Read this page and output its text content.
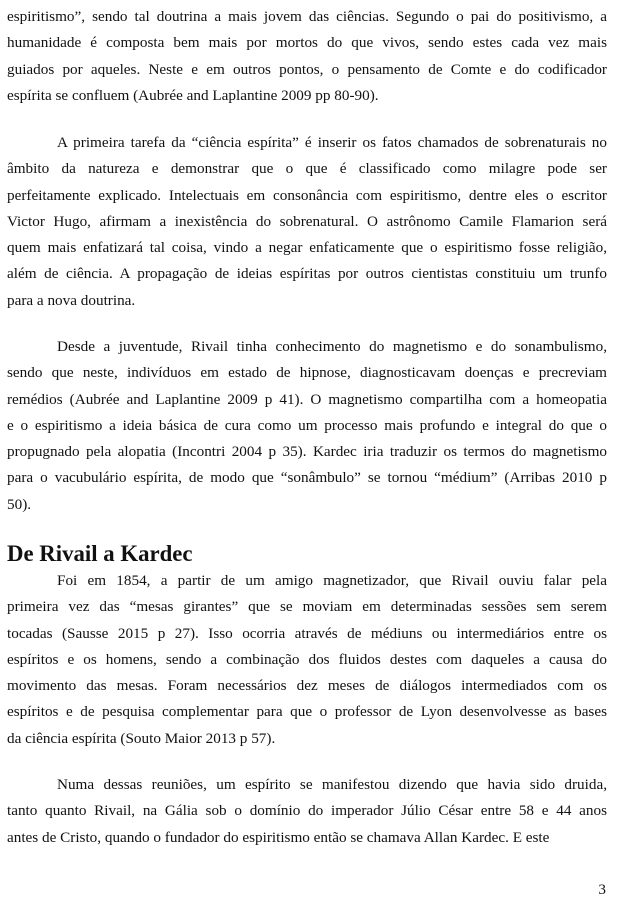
espiritismo”, sendo tal doutrina a mais jovem das ciências. Segundo o pai do positivismo, a
humanidade é composta bem mais por mortos do que vivos, sendo estes cada vez mais
guiados por aqueles. Neste e em outros pontos, o pensamento de Comte e do codificador
espírita se confluem (Aubrée and Laplantine 2009 pp 80-90).
A primeira tarefa da “ciência espírita” é inserir os fatos chamados de sobrenaturais no
âmbito da natureza e demonstrar que o que é classificado como milagre pode ser
perfeitamente explicado. Intelectuais em consonância com espiritismo, dentre eles o escritor
Victor Hugo, afirmam a inexistência do sobrenatural. O astrônomo Camile Flamarion será
quem mais enfatizará tal coisa, vindo a negar enfaticamente que o espiritismo fosse religião,
além de ciência. A propagação de ideias espíritas por outros cientistas constituiu um trunfo
para a nova doutrina.
Desde a juventude, Rivail tinha conhecimento do magnetismo e do sonambulismo,
sendo que neste, indivíduos em estado de hipnose, diagnosticavam doenças e precreviam
remédios (Aubrée and Laplantine 2009 p 41). O magnetismo compartilha com a homeopatia
e o espiritismo a ideia básica de cura como um processo mais profundo e integral do que o
propugnado pela alopatia (Incontri 2004 p 35). Kardec iria traduzir os termos do magnetismo
para o vacubulário espírita, de modo que “sonâmbulo” se tornou “médium” (Arribas 2010 p
50).
De Rivail a Kardec
Foi em 1854, a partir de um amigo magnetizador, que Rivail ouviu falar pela
primeira vez das “mesas girantes” que se moviam em determinadas sessões sem serem
tocadas (Sausse 2015 p 27). Isso ocorria através de médiuns ou intermediários entre os
espíritos e os homens, sendo a combinação dos fluidos destes com daqueles a causa do
movimento das mesas. Foram necessários dez meses de diálogos intermediados com os
espíritos e de pesquisa complementar para que o professor de Lyon desenvolvesse as bases
da ciência espírita (Souto Maior 2013 p 57).
Numa dessas reuniões, um espírito se manifestou dizendo que havia sido druida,
tanto quanto Rivail, na Gália sob o domínio do imperador Júlio César entre 58 e 44 anos
antes de Cristo, quando o fundador do espiritismo então se chamava Allan Kardec. E este
3
